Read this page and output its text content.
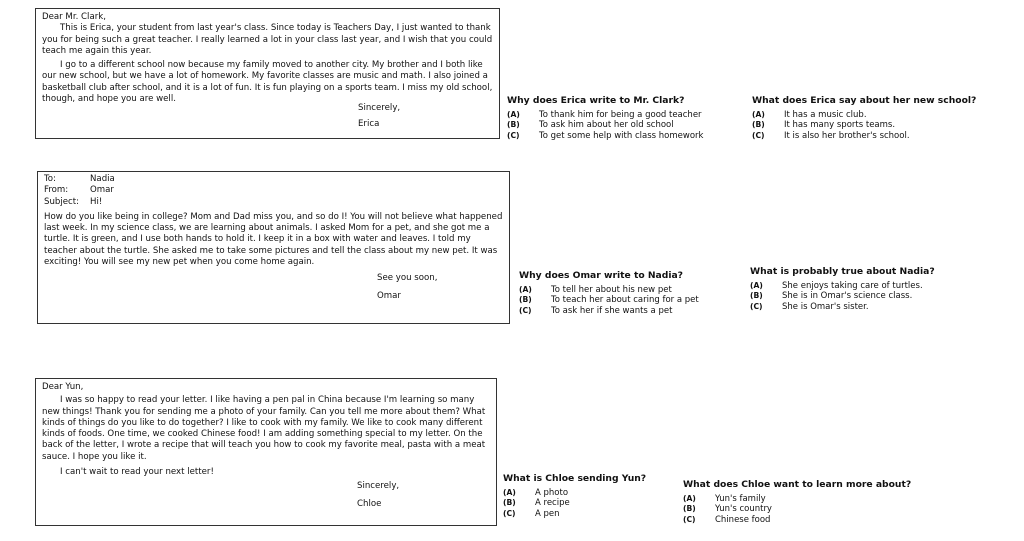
Dear Mr. Clark,

This is Erica, your student from last year's class. Since today is Teachers Day, I just wanted to thank you for being such a great teacher. I really learned a lot in your class last year, and I wish that you could teach me again this year.

I go to a different school now because my family moved to another city. My brother and I both like our new school, but we have a lot of homework. My favorite classes are music and math. I also joined a basketball club after school, and it is a lot of fun. It is fun playing on a sports team. I miss my old school, though, and hope you are well.

Sincerely,

Erica

To:	Nadia
From:	Omar
Subject:	Hi!

How do you like being in college? Mom and Dad miss you, and so do I! You will not believe what happened last week. In my science class, we are learning about animals. I asked Mom for a pet, and she got me a turtle. It is green, and I use both hands to hold it. I keep it in a box with water and leaves. I told my teacher about the turtle. She asked me to take some pictures and tell the class about my new pet. It was exciting! You will see my new pet when you come home again.

See you soon,

Omar

Dear Yun,

I was so happy to read your letter. I like having a pen pal in China because I'm learning so many new things! Thank you for sending me a photo of your family. Can you tell me more about them? What kinds of things do you like to do together? I like to cook with my family. We like to cook many different kinds of foods. One time, we cooked Chinese food! I am adding something special to my letter. On the back of the letter, I wrote a recipe that will teach you how to cook my favorite meal, pasta with a meat sauce. I hope you like it.

I can't wait to read your next letter!

Sincerely,

Chloe

Why does Erica write to Mr. Clark?
(A)	To thank him for being a good teacher
(B)	To ask him about her old school
(C)	To get some help with class homework
What does Erica say about her new school?
(A)	It has a music club.
(B)	It has many sports teams.
(C)	It is also her brother's school.
Why does Omar write to Nadia?
(A)	To tell her about his new pet
(B)	To teach her about caring for a pet
(C)	To ask her if she wants a pet
What is probably true about Nadia?
(A)	She enjoys taking care of turtles.
(B)	She is in Omar's science class.
(C)	She is Omar's sister.
What is Chloe sending Yun?
(A)	A photo
(B)	A recipe
(C)	A pen
What does Chloe want to learn more about?
(A)	Yun's family
(B)	Yun's country
(C)	Chinese food
